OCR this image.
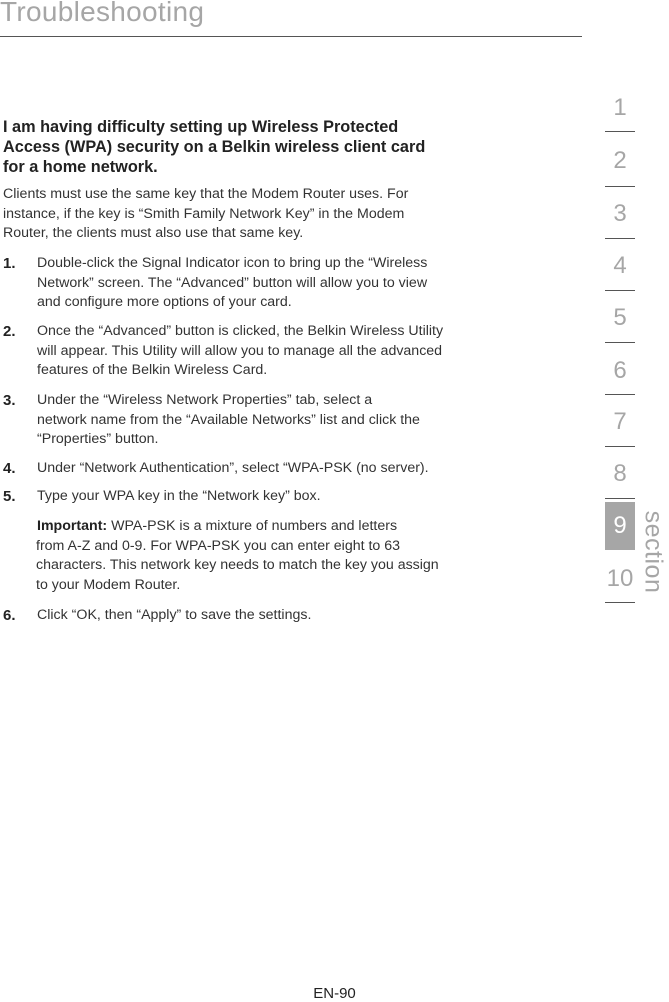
Troubleshooting
I am having difficulty setting up Wireless Protected
Access (WPA) security on a Belkin wireless client card
for a home network.
Clients must use the same key that the Modem Router uses. For
instance, if the key is “Smith Family Network Key” in the Modem
Router, the clients must also use that same key.
1. Double-click the Signal Indicator icon to bring up the “Wireless
Network” screen. The “Advanced” button will allow you to view
and configure more options of your card.
2. Once the “Advanced” button is clicked, the Belkin Wireless Utility
will appear. This Utility will allow you to manage all the advanced
features of the Belkin Wireless Card.
3. Under the “Wireless Network Properties” tab, select a
network name from the “Available Networks” list and click the
“Properties” button.
4. Under “Network Authentication”, select “WPA-PSK (no server).
5. Type your WPA key in the “Network key” box.
Important: WPA-PSK is a mixture of numbers and letters
from A-Z and 0-9. For WPA-PSK you can enter eight to 63
characters. This network key needs to match the key you assign
to your Modem Router.
6. Click “OK, then “Apply” to save the settings.
1
2
3
4
5
6
7
8
10
9 section
EN-90
